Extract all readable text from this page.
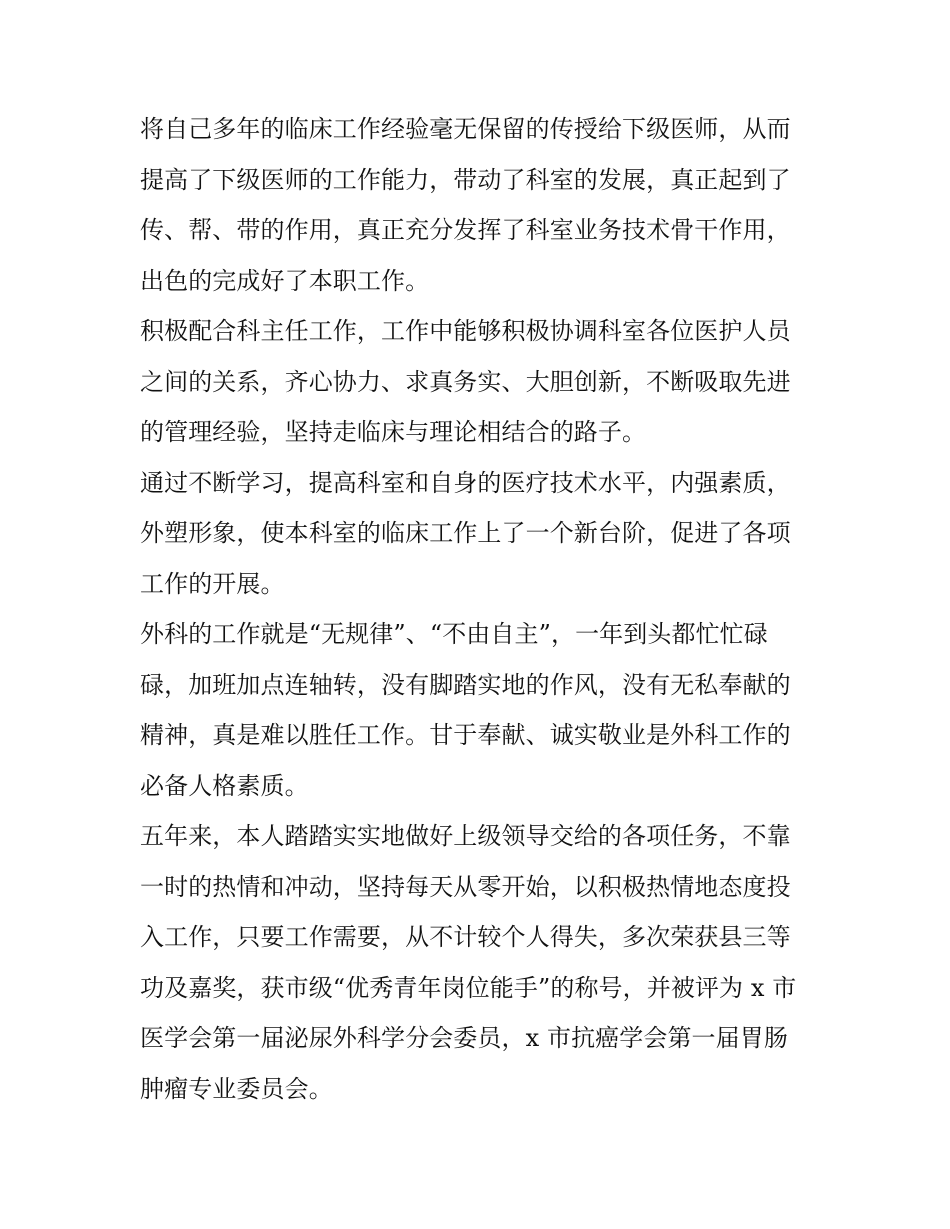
将自己多年的临床工作经验毫无保留的传授给下级医师，从而

提高了下级医师的工作能力，带动了科室的发展，真正起到了

传、帮、带的作用，真正充分发挥了科室业务技术骨干作用，

出色的完成好了本职工作。

积极配合科主任工作，工作中能够积极协调科室各位医护人员

之间的关系，齐心协力、求真务实、大胆创新，不断吸取先进

的管理经验，坚持走临床与理论相结合的路子。

通过不断学习，提高科室和自身的医疗技术水平，内强素质，

外塑形象，使本科室的临床工作上了一个新台阶，促进了各项

工作的开展。

外科的工作就是“无规律”、“不由自主”，一年到头都忙忙碌

碌，加班加点连轴转，没有脚踏实地的作风，没有无私奉献的

精神，真是难以胜任工作。甘于奉献、诚实敬业是外科工作的

必备人格素质。

五年来，本人踏踏实实地做好上级领导交给的各项任务，不靠

一时的热情和冲动，坚持每天从零开始，以积极热情地态度投

入工作，只要工作需要，从不计较个人得失，多次荣获县三等

功及嘉奖，获市级“优秀青年岗位能手”的称号，并被评为 x 市

医学会第一届泌尿外科学分会委员，x 市抗癌学会第一届胃肠

肿瘤专业委员会。
